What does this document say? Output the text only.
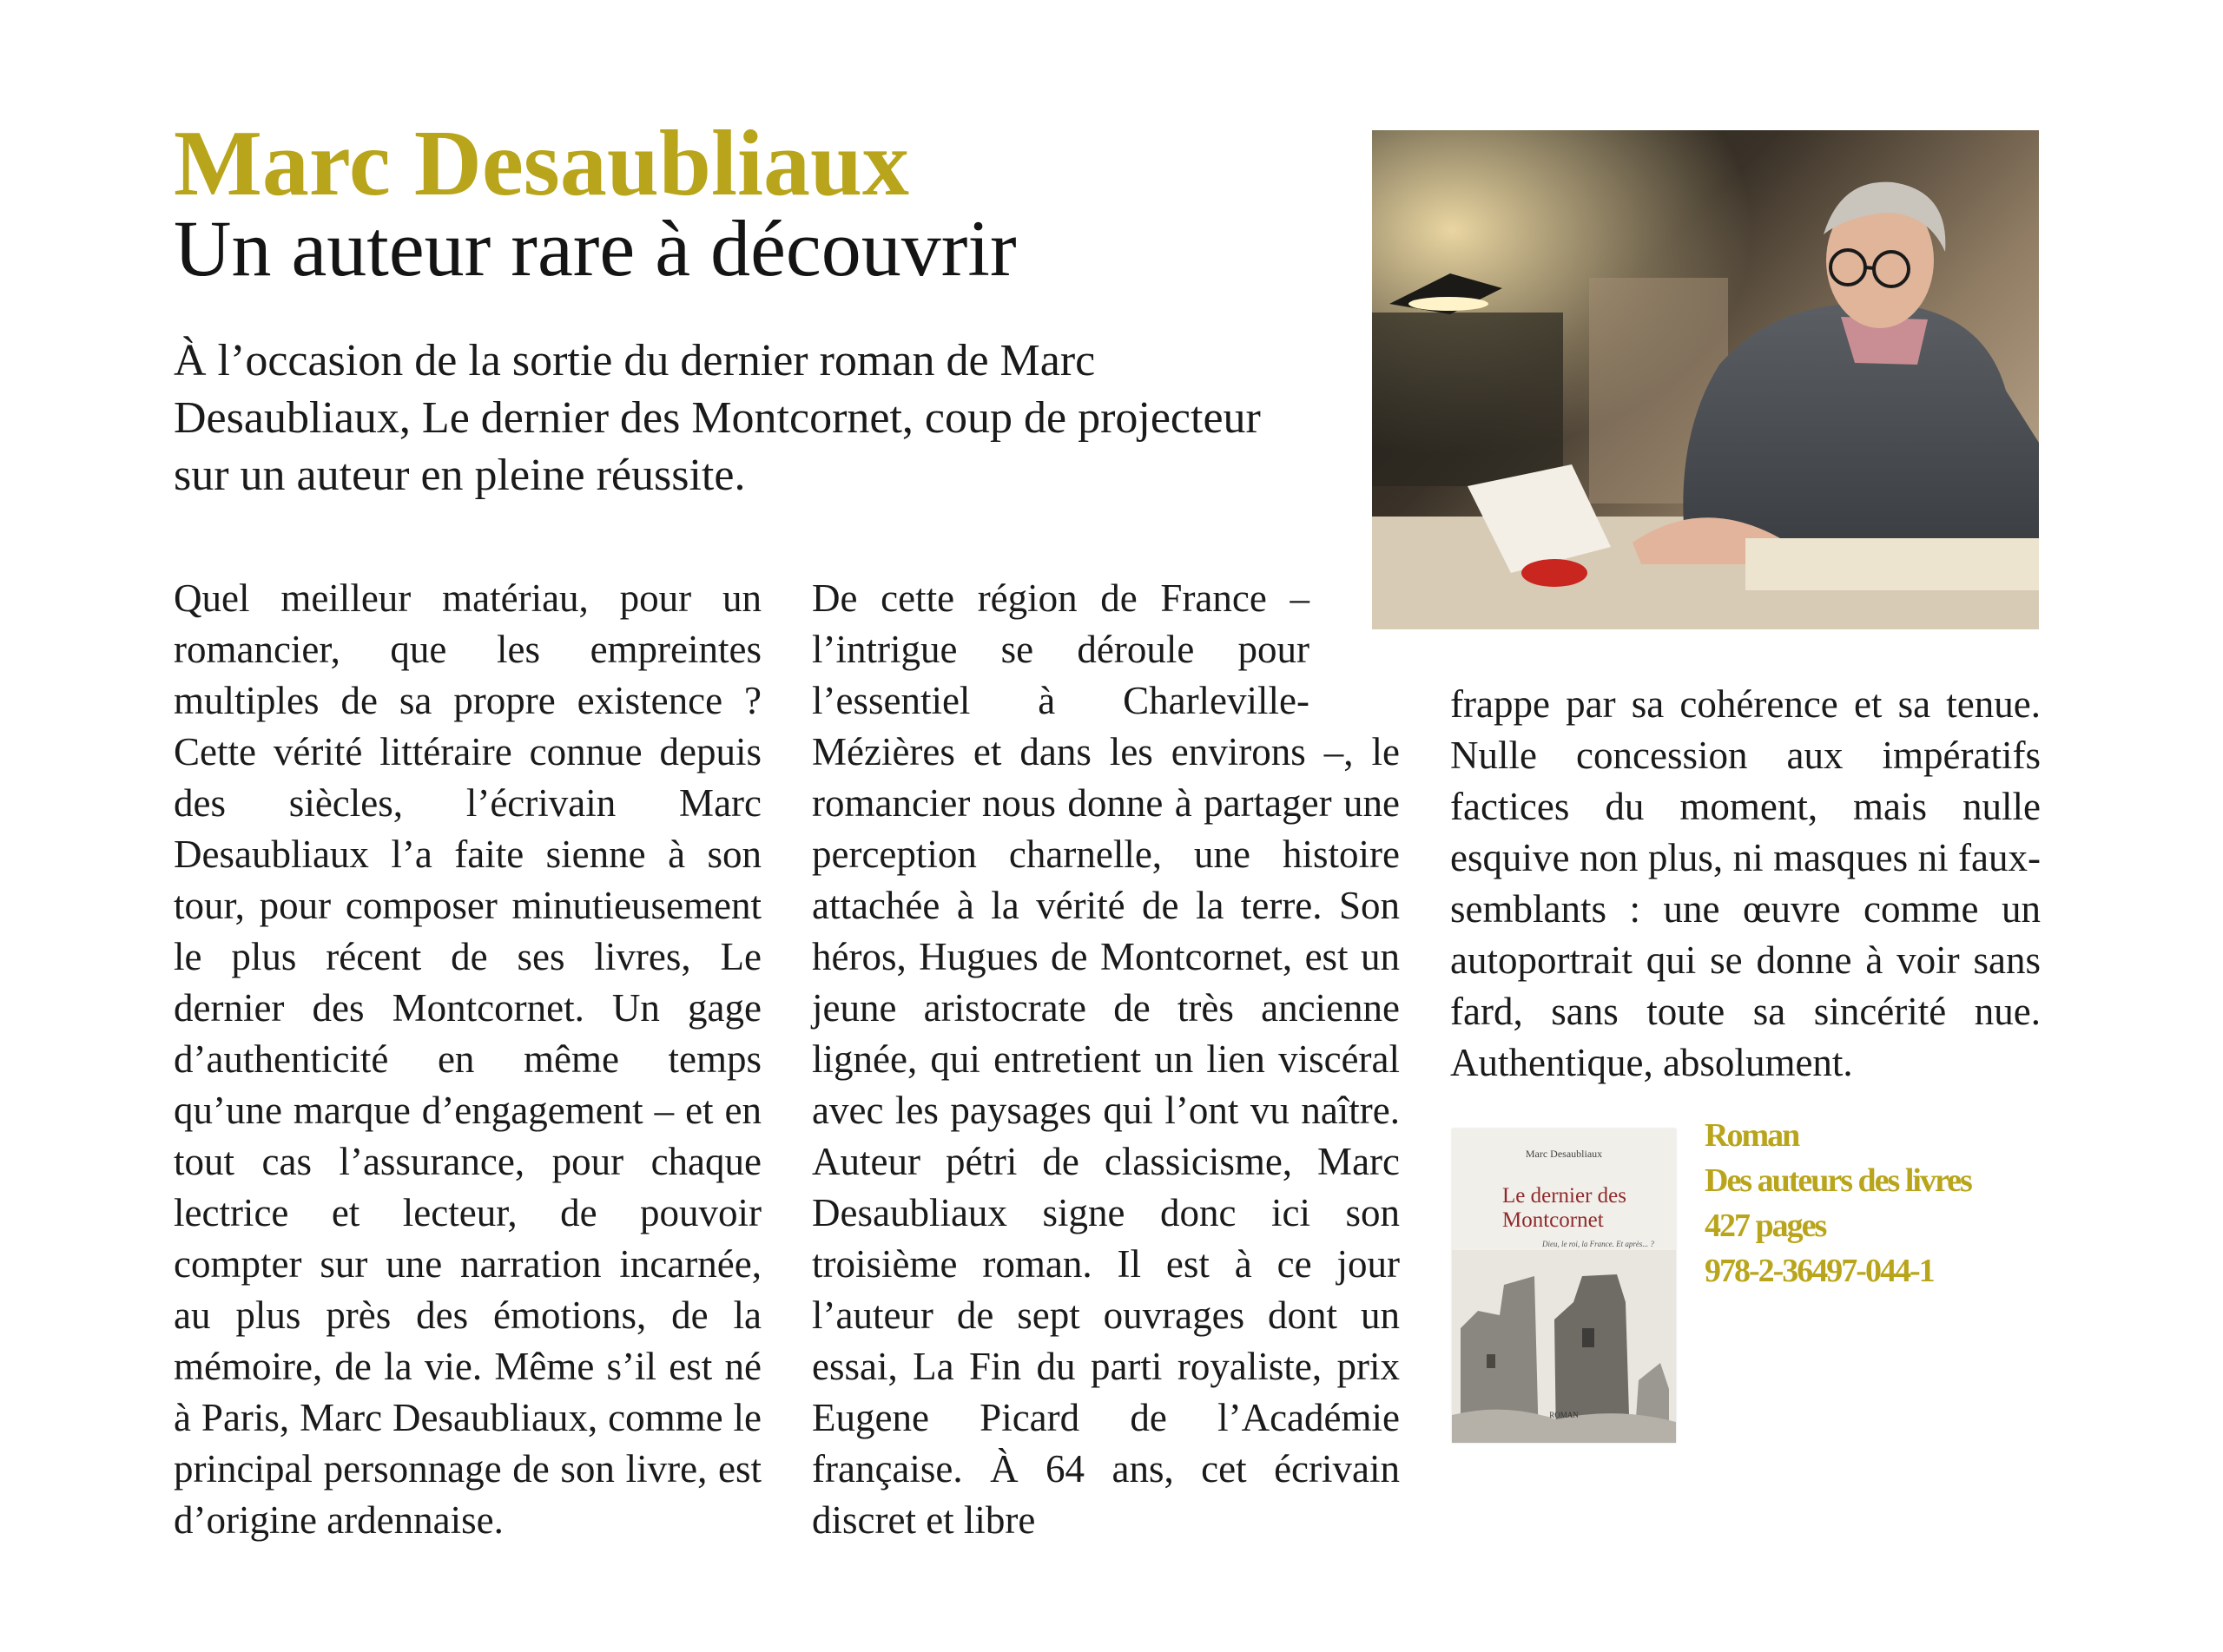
Marc Desaubliaux
Un auteur rare à découvrir

À l’occasion de la sortie du dernier roman de Marc Desaubliaux, Le dernier des Montcornet, coup de projecteur sur un auteur en pleine réussite.

Quel meilleur matériau, pour un romancier, que les empreintes multiples de sa propre existence ? Cette vérité littéraire connue depuis des siècles, l’écrivain Marc Desaubliaux l’a faite sienne à son tour, pour composer minutieusement le plus récent de ses livres, Le dernier des Montcornet. Un gage d’authenticité en même temps qu’une marque d’engagement – et en tout cas l’assurance, pour chaque lectrice et lecteur, de pouvoir compter sur une narration incarnée, au plus près des émotions, de la mémoire, de la vie. Même s’il est né à Paris, Marc Desaubliaux, comme le principal personnage de son livre, est d’origine ardennaise.

De cette région de France – l’intrigue se déroule pour l’essentiel à Charleville-Mézières et dans les environs –, le romancier nous donne à partager une perception charnelle, une histoire attachée à la vérité de la terre. Son héros, Hugues de Montcornet, est un jeune aristocrate de très ancienne lignée, qui entretient un lien viscéral avec les paysages qui l’ont vu naître. Auteur pétri de classicisme, Marc Desaubliaux signe donc ici son troisième roman. Il est à ce jour l’auteur de sept ouvrages dont un essai, La Fin du parti royaliste, prix Eugene Picard de l’Académie française. À 64 ans, cet écrivain discret et libre

frappe par sa cohérence et sa tenue. Nulle concession aux impératifs factices du moment, mais nulle esquive non plus, ni masques ni faux-semblants : une œuvre comme un autoportrait qui se donne à voir sans fard, sans toute sa sincérité nue. Authentique, absolument.

Marc Desaubliaux
Le dernier des Montcornet
Dieu, le roi, la France. Et après... ?
ROMAN
Roman
Des auteurs des livres
427 pages
978-2-36497-044-1
